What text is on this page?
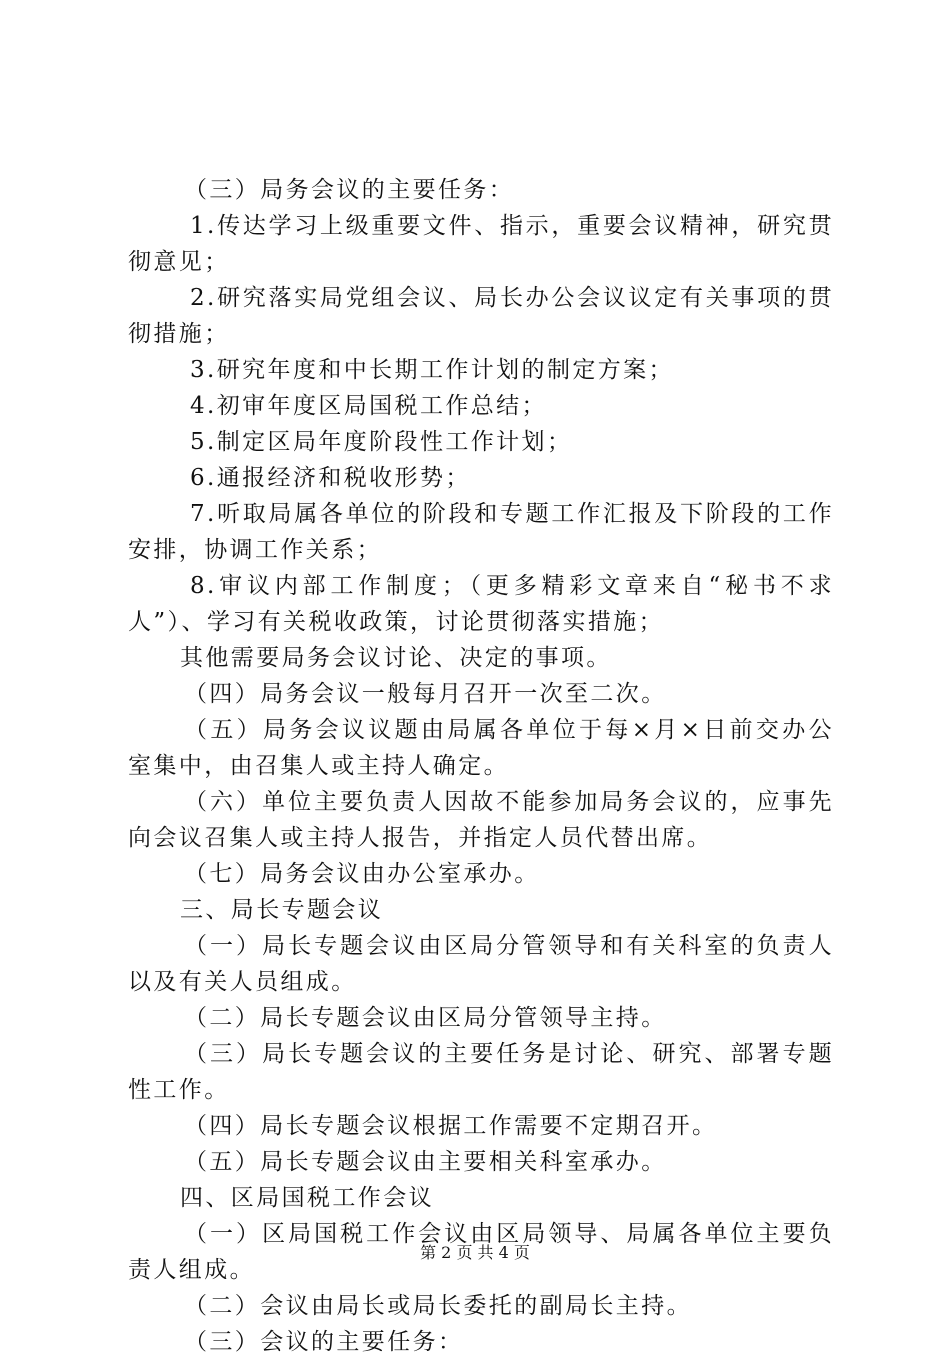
（三）局务会议的主要任务：

1.传达学习上级重要文件、指示，重要会议精神，研究贯彻意见；

2.研究落实局党组会议、局长办公会议议定有关事项的贯彻措施；

3.研究年度和中长期工作计划的制定方案；

4.初审年度区局国税工作总结；

5.制定区局年度阶段性工作计划；

6.通报经济和税收形势；

7.听取局属各单位的阶段和专题工作汇报及下阶段的工作安排，协调工作关系；

8.审议内部工作制度；（更多精彩文章来自“秘书不求人”）、学习有关税收政策，讨论贯彻落实措施；

其他需要局务会议讨论、决定的事项。

（四）局务会议一般每月召开一次至二次。

（五）局务会议议题由局属各单位于每×月×日前交办公室集中，由召集人或主持人确定。

（六）单位主要负责人因故不能参加局务会议的，应事先向会议召集人或主持人报告，并指定人员代替出席。

（七）局务会议由办公室承办。

三、局长专题会议

（一）局长专题会议由区局分管领导和有关科室的负责人以及有关人员组成。

（二）局长专题会议由区局分管领导主持。

（三）局长专题会议的主要任务是讨论、研究、部署专题性工作。

（四）局长专题会议根据工作需要不定期召开。

（五）局长专题会议由主要相关科室承办。

四、区局国税工作会议

（一）区局国税工作会议由区局领导、局属各单位主要负责人组成。

（二）会议由局长或局长委托的副局长主持。

（三）会议的主要任务：

第 2 页 共 4 页
